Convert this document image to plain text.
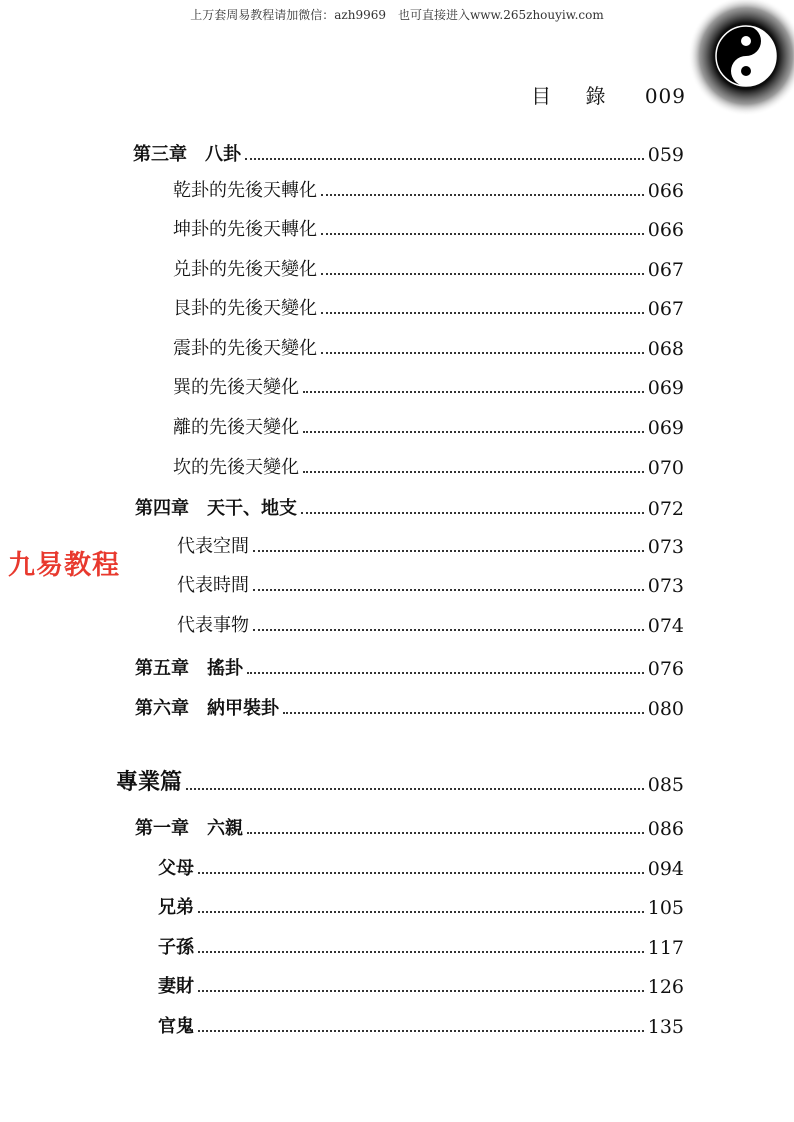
上万套周易教程请加微信：azh9969　也可直接进入www.265zhouyiw.com
目 錄 009
九易教程
第三章 八卦	059
乾卦的先後天轉化	066
坤卦的先後天轉化	066
兑卦的先後天變化	067
艮卦的先後天變化	067
震卦的先後天變化	068
巽的先後天變化	069
離的先後天變化	069
坎的先後天變化	070
第四章 天干、地支	072
代表空間	073
代表時間	073
代表事物	074
第五章 搖卦	076
第六章 納甲裝卦	080
專業篇	085
第一章 六親	086
父母	094
兄弟	105
子孫	117
妻財	126
官鬼	135
